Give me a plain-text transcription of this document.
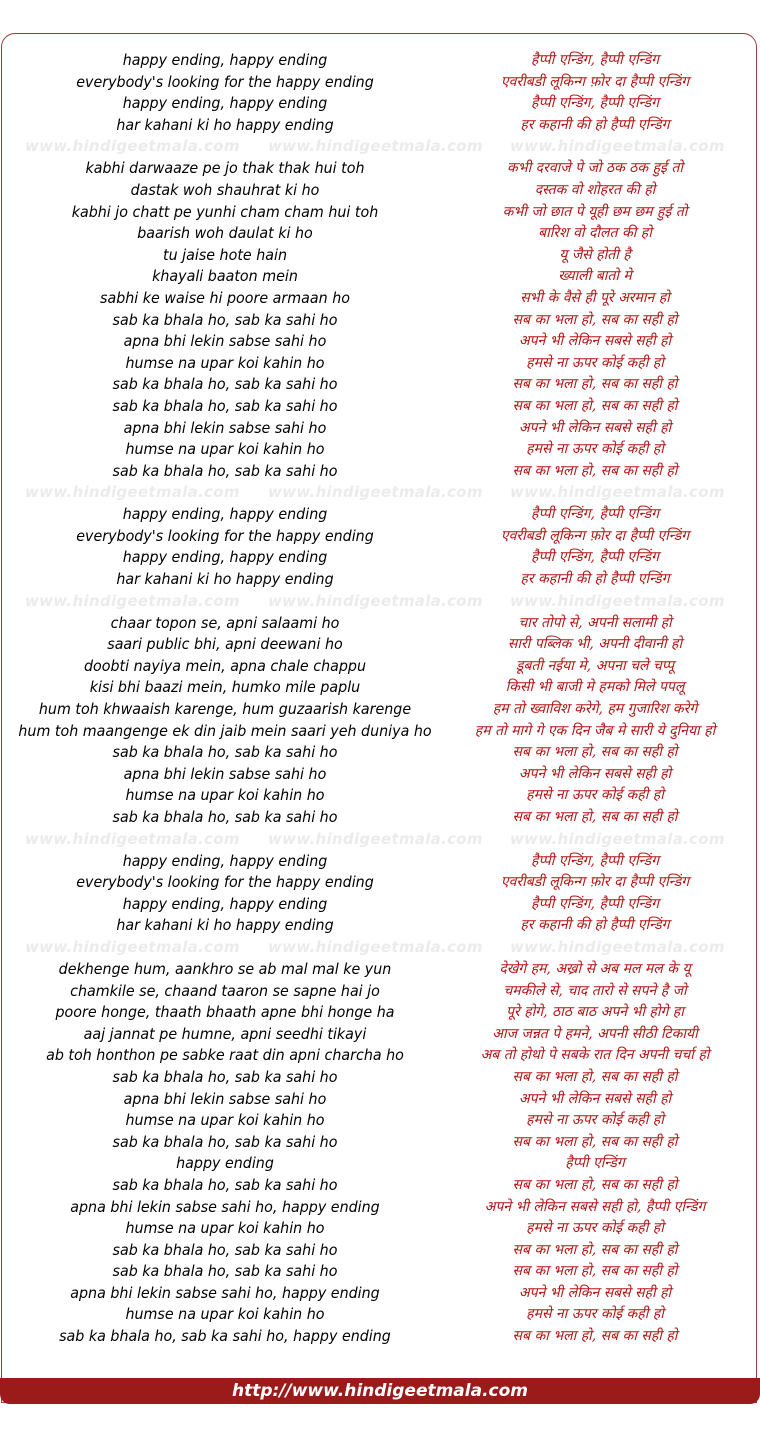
happy ending, happy ending	हैप्पी एन्डिंग, हैप्पी एन्डिंग
everybody's looking for the happy ending	एवरीबडी लूकिन्ग फ़ोर दा हैप्पी एन्डिंग
happy ending, happy ending	हैप्पी एन्डिंग, हैप्पी एन्डिंग
har kahani ki ho happy ending	हर कहानी की हो हैप्पी एन्डिंग
www.hindigeetmala.com www.hindigeetmala.com www.hindigeetmala.com
kabhi darwaaze pe jo thak thak hui toh	कभी दरवाजे पे जो ठक ठक हुई तो
dastak woh shauhrat ki ho	दस्तक वो शोहरत की हो
kabhi jo chatt pe yunhi cham cham hui toh	कभी जो छात पे यूही छम छम हुई तो
baarish woh daulat ki ho	बारिश वो दौलत की हो
tu jaise hote hain	यू जैसे होती है
khayali baaton mein	ख्याली बातो मे
sabhi ke waise hi poore armaan ho	सभी के वैसे ही पूरे अरमान हो
sab ka bhala ho, sab ka sahi ho	सब का भला हो, सब का सही हो
apna bhi lekin sabse sahi ho	अपने भी लेकिन सबसे सही हो
humse na upar koi kahin ho	हमसे ना ऊपर कोई कही हो
sab ka bhala ho, sab ka sahi ho	सब का भला हो, सब का सही हो
sab ka bhala ho, sab ka sahi ho	सब का भला हो, सब का सही हो
apna bhi lekin sabse sahi ho	अपने भी लेकिन सबसे सही हो
humse na upar koi kahin ho	हमसे ना ऊपर कोई कही हो
sab ka bhala ho, sab ka sahi ho	सब का भला हो, सब का सही हो
www.hindigeetmala.com www.hindigeetmala.com www.hindigeetmala.com
happy ending, happy ending	हैप्पी एन्डिंग, हैप्पी एन्डिंग
everybody's looking for the happy ending	एवरीबडी लूकिन्ग फ़ोर दा हैप्पी एन्डिंग
happy ending, happy ending	हैप्पी एन्डिंग, हैप्पी एन्डिंग
har kahani ki ho happy ending	हर कहानी की हो हैप्पी एन्डिंग
www.hindigeetmala.com www.hindigeetmala.com www.hindigeetmala.com
chaar topon se, apni salaami ho	चार तोपो से, अपनी सलामी हो
saari public bhi, apni deewani ho	सारी पब्लिक भी, अपनी दीवानी हो
doobti nayiya mein, apna chale chappu	डूबती नईया मे, अपना चले चप्पू
kisi bhi baazi mein, humko mile paplu	किसी भी बाजी मे हमको मिले पपलू
hum toh khwaaish karenge, hum guzaarish karenge	हम तो ख्वाविश करेगे, हम गुजारिश करेगे
hum toh maangenge ek din jaib mein saari yeh duniya ho	हम तो मागे गे एक दिन जैब मे सारी ये दुनिया हो
sab ka bhala ho, sab ka sahi ho	सब का भला हो, सब का सही हो
apna bhi lekin sabse sahi ho	अपने भी लेकिन सबसे सही हो
humse na upar koi kahin ho	हमसे ना ऊपर कोई कही हो
sab ka bhala ho, sab ka sahi ho	सब का भला हो, सब का सही हो
www.hindigeetmala.com www.hindigeetmala.com www.hindigeetmala.com
happy ending, happy ending	हैप्पी एन्डिंग, हैप्पी एन्डिंग
everybody's looking for the happy ending	एवरीबडी लूकिन्ग फ़ोर दा हैप्पी एन्डिंग
happy ending, happy ending	हैप्पी एन्डिंग, हैप्पी एन्डिंग
har kahani ki ho happy ending	हर कहानी की हो हैप्पी एन्डिंग
www.hindigeetmala.com www.hindigeetmala.com www.hindigeetmala.com
dekhenge hum, aankhro se ab mal mal ke yun	देखेगे हम, अख्रो से अब मल मल के यू
chamkile se, chaand taaron se sapne hai jo	चमकीले से, चाद तारो से सपने है जो
poore honge, thaath bhaath apne bhi honge ha	पूरे होगे, ठाठ बाठ अपने भी होगे हा
aaj jannat pe humne, apni seedhi tikayi	आज जन्नत पे हमने, अपनी सीठी टिकायी
ab toh honthon pe sabke raat din apni charcha ho	अब तो होथो पे सबके रात दिन अपनी चर्चा हो
sab ka bhala ho, sab ka sahi ho	सब का भला हो, सब का सही हो
apna bhi lekin sabse sahi ho	अपने भी लेकिन सबसे सही हो
humse na upar koi kahin ho	हमसे ना ऊपर कोई कही हो
sab ka bhala ho, sab ka sahi ho	सब का भला हो, सब का सही हो
happy ending	हैप्पी एन्डिंग
sab ka bhala ho, sab ka sahi ho	सब का भला हो, सब का सही हो
apna bhi lekin sabse sahi ho, happy ending	अपने भी लेकिन सबसे सही हो, हैप्पी एन्डिंग
humse na upar koi kahin ho	हमसे ना ऊपर कोई कही हो
sab ka bhala ho, sab ka sahi ho	सब का भला हो, सब का सही हो
sab ka bhala ho, sab ka sahi ho	सब का भला हो, सब का सही हो
apna bhi lekin sabse sahi ho, happy ending	अपने भी लेकिन सबसे सही हो
humse na upar koi kahin ho	हमसे ना ऊपर कोई कही हो
sab ka bhala ho, sab ka sahi ho, happy ending	सब का भला हो, सब का सही हो
http://www.hindigeetmala.com
